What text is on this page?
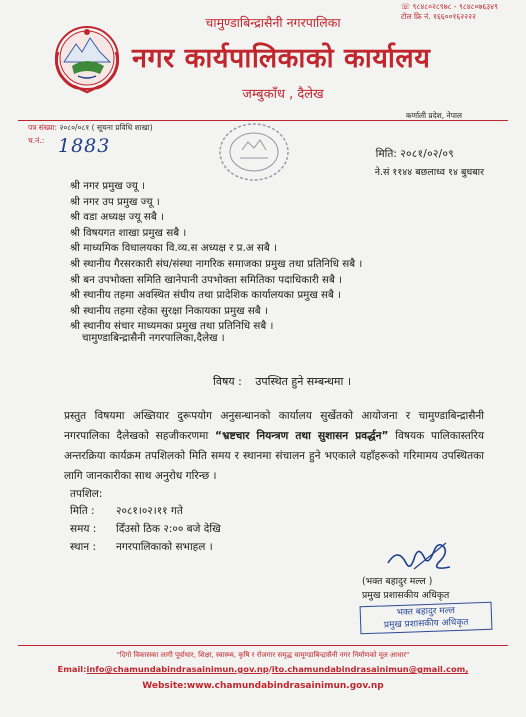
☏ ९८४८०२८९७८ - ९८४८०७६३४९
टोल फ्रि नं. १६६००१६२२२२
चामुण्डाबिन्द्रासैनी नगरपालिका
नगर कार्यपालिकाको कार्यालय
जम्बुकाँध , दैलेख
कर्णाली प्रदेश, नेपाल
पत्र संख्या: २०८०/०८१ ( सूचना प्रविधि शाखा)
च.नं.: 1883	मिति: २०८१/०२/०९
ने.सं ११४४ बछलाध्व १४ बुधबार
श्री नगर प्रमुख ज्यू ।
श्री नगर उप प्रमुख ज्यू ।
श्री वडा अध्यक्ष ज्यू सबै ।
श्री विषयगत शाखा प्रमुख सबै ।
श्री माध्यमिक विधालयका वि.व्य.स अध्यक्ष र प्र.अ सबै ।
श्री स्थानीय गैरसरकारी संघ/संस्था नागरिक समाजका प्रमुख तथा प्रतिनिधि सबै ।
श्री बन उपभोक्ता समिति खानेपानी उपभोक्ता समितिका पदाधिकारी सबै ।
श्री स्थानीय तहमा अवस्थित संघीय तथा प्रादेशिक कार्यालयका प्रमुख सबै ।
श्री स्थानीय तहमा रहेका सुरक्षा निकायका प्रमुख सबै ।
श्री स्थानीय संचार माध्यमका प्रमुख तथा प्रतिनिधि सबै ।
चामुण्डाबिन्द्रासैनी नगरपालिका,दैलेख ।
विषय : उपस्थित हुने सम्बन्धमा ।
प्रस्तुत विषयमा अख्तियार दुरूपयोग अनुसन्धानको कार्यालय सुर्खेतको आयोजना र चामुण्डाबिन्द्रासैनी नगरपालिका दैलेखको सहजीकरणमा “भ्रष्टचार नियन्त्रण तथा सुशासन प्रवर्द्धन” विषयक पालिकास्तरिय अन्तरक्रिया कार्यक्रम तपशिलको मिति समय र स्थानमा संचालन हुने भएकाले यहाँहरूको गरिमामय उपस्थितका लागि जानकारीका साथ अनुरोध गरिन्छ ।
तपशिल:
मिति :	२०८१।०२।११ गते
समय :	दिँउसो ठिक २:०० बजे देखि
स्थान :	नगरपालिकाको सभाहल ।
(भक्त बहादुर मल्ल )
प्रमुख प्रशासकीय अधिकृत
भक्त बहादुर मल्ल
प्रमुख प्रशासकीय अधिकृत
"दिगो विकासका लागी पूर्वाधार, शिक्षा, स्वास्थ्य, कृषि र रोजगार समृद्ध चामुण्डाबिन्द्रासैनी नगर निर्माणको मूल आधार"
Email:info@chamundabindrasainimun.gov.np/ito.chamundabindrasainimun@gmail.com,
Website:www.chamundabindrasainimun.gov.np
